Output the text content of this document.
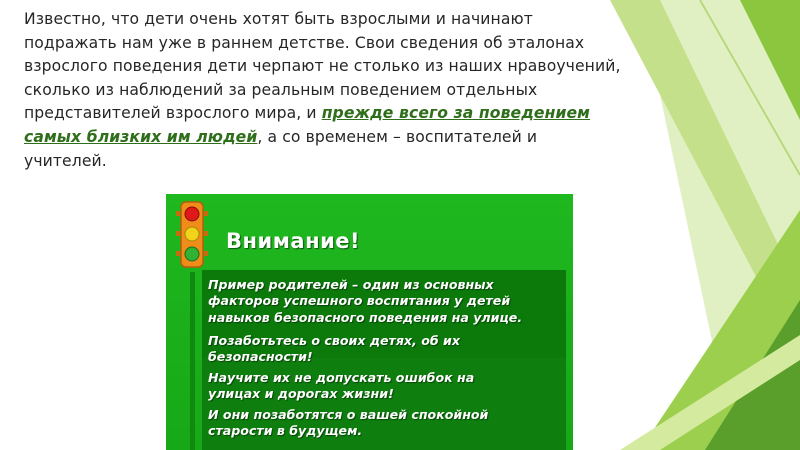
Известно, что дети очень хотят быть взрослыми и начинают подражать нам уже в раннем детстве. Свои сведения об эталонах взрослого поведения дети черпают не столько из наших нравоучений, сколько из наблюдений за реальным поведением отдельных представителей взрослого мира, и прежде всего за поведением самых близких им людей, а со временем – воспитателей и учителей.

Внимание!

Пример родителей – один из основных
факторов успешного воспитания у детей
навыков безопасного поведения на улице.

Позаботьтесь о своих детях, об их
безопасности!

Научите их не допускать ошибок на
улицах и дорогах жизни!

И они позаботятся о вашей спокойной
старости в будущем.
